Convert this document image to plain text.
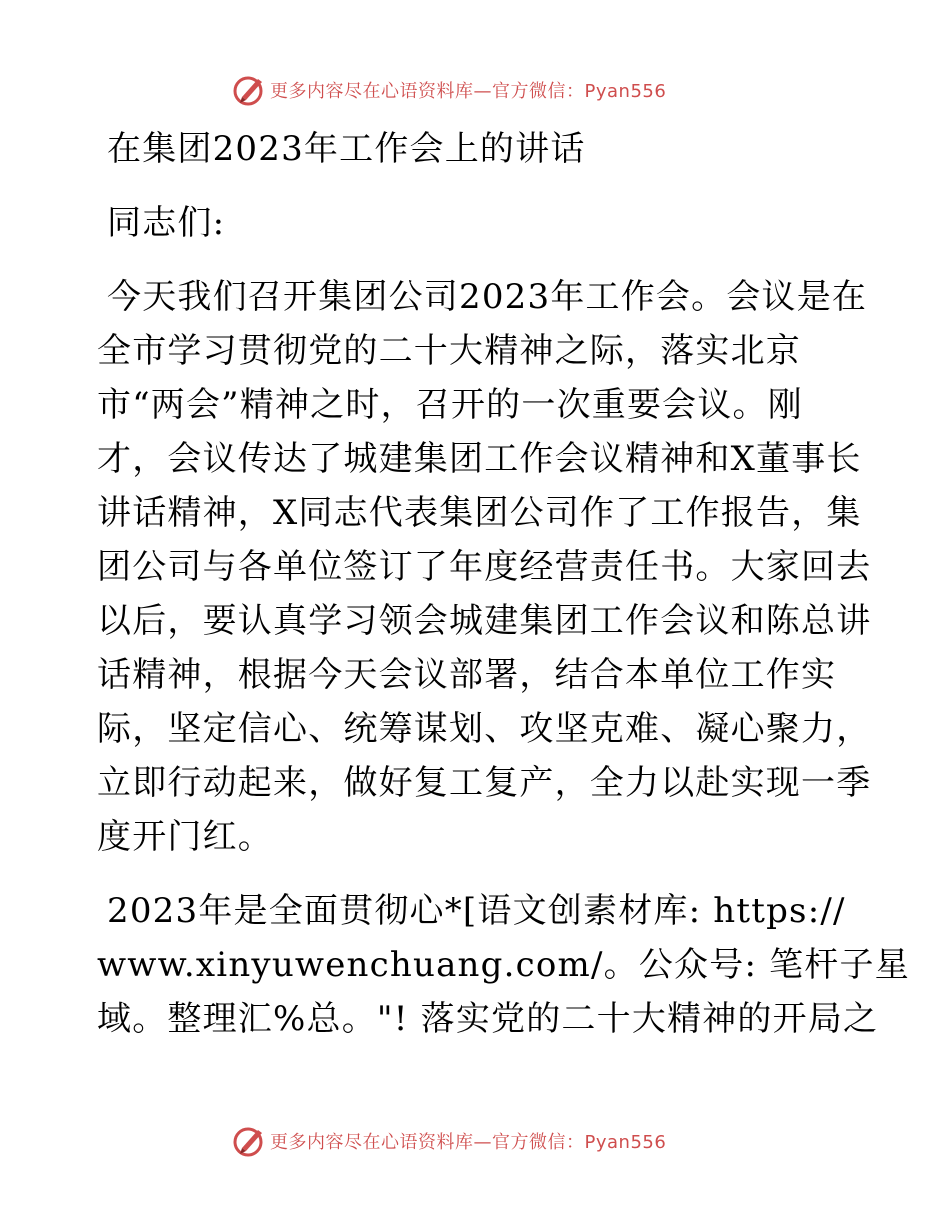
更多内容尽在心语资料库—官方微信：Pyan556
在集团2023年工作会上的讲话
同志们:
今天我们召开集团公司2023年工作会。会议是在
全市学习贯彻党的二十大精神之际，落实北京
市“两会”精神之时，召开的一次重要会议。刚
才，会议传达了城建集团工作会议精神和X董事长
讲话精神，X同志代表集团公司作了工作报告，集
团公司与各单位签订了年度经营责任书。大家回去
以后，要认真学习领会城建集团工作会议和陈总讲
话精神，根据今天会议部署，结合本单位工作实
际，坚定信心、统筹谋划、攻坚克难、凝心聚力，
立即行动起来，做好复工复产，全力以赴实现一季
度开门红。
2023年是全面贯彻心*[语文创素材库: https://
www.xinyuwenchuang.com/。公众号: 笔杆子星
域。整理汇%总。"! 落实党的二十大精神的开局之
更多内容尽在心语资料库—官方微信：Pyan556
